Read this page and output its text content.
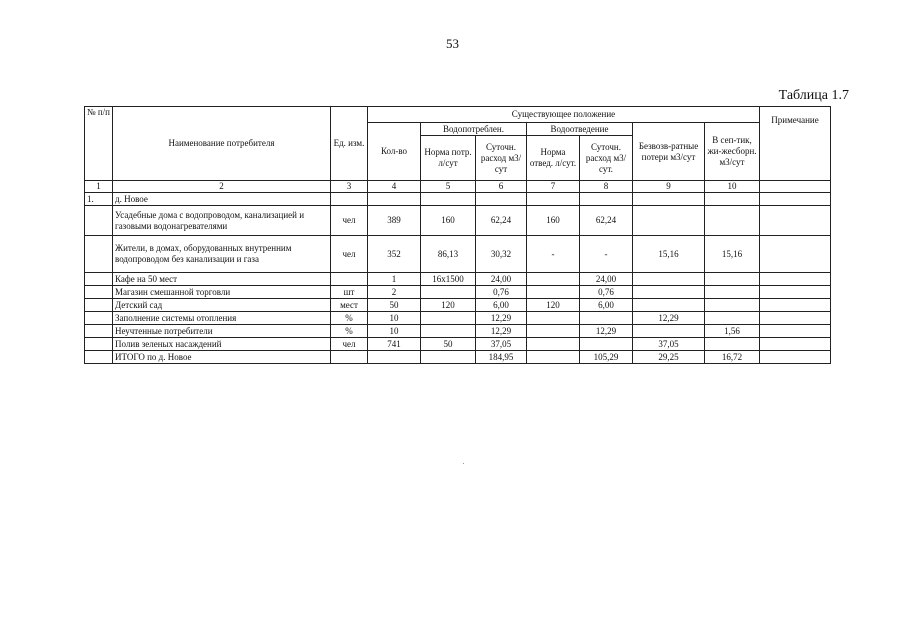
53
Таблица 1.7
№ п/п	Наименование потребителя	Ед. изм.	Существующее положение							Примечание
			Кол-во	Водопотреблен.		Водоотведение		Безвозв-ратные потери м3/сут	В сеп-тик, жи-жесборн. м3/сут	
				Норма потр. л/сут	Суточн. расход м3/сут	Норма отвед. л/сут.	Суточн. расход м3/сут.			
1	2	3	4	5	6	7	8	9	10	
1.	д. Новое									
	Усадебные дома с водопроводом, канализацией и газовыми водонагревателями	чел	389	160	62,24	160	62,24			
	Жители, в домах, оборудованных внутренним водопроводом без канализации и газа	чел	352	86,13	30,32	-	-	15,16	15,16	
	Кафе на 50 мест		1	16x1500	24,00		24,00			
	Магазин смешанной торговли	шт	2		0,76		0,76			
	Детский сад	мест	50	120	6,00	120	6,00			
	Заполнение системы отопления	%	10		12,29			12,29		
	Неучтенные потребители	%	10		12,29		12,29		1,56	
	Полив зеленых насаждений	чел	741	50	37,05			37,05		
	ИТОГО по д. Новое				184,95		105,29	29,25	16,72	
